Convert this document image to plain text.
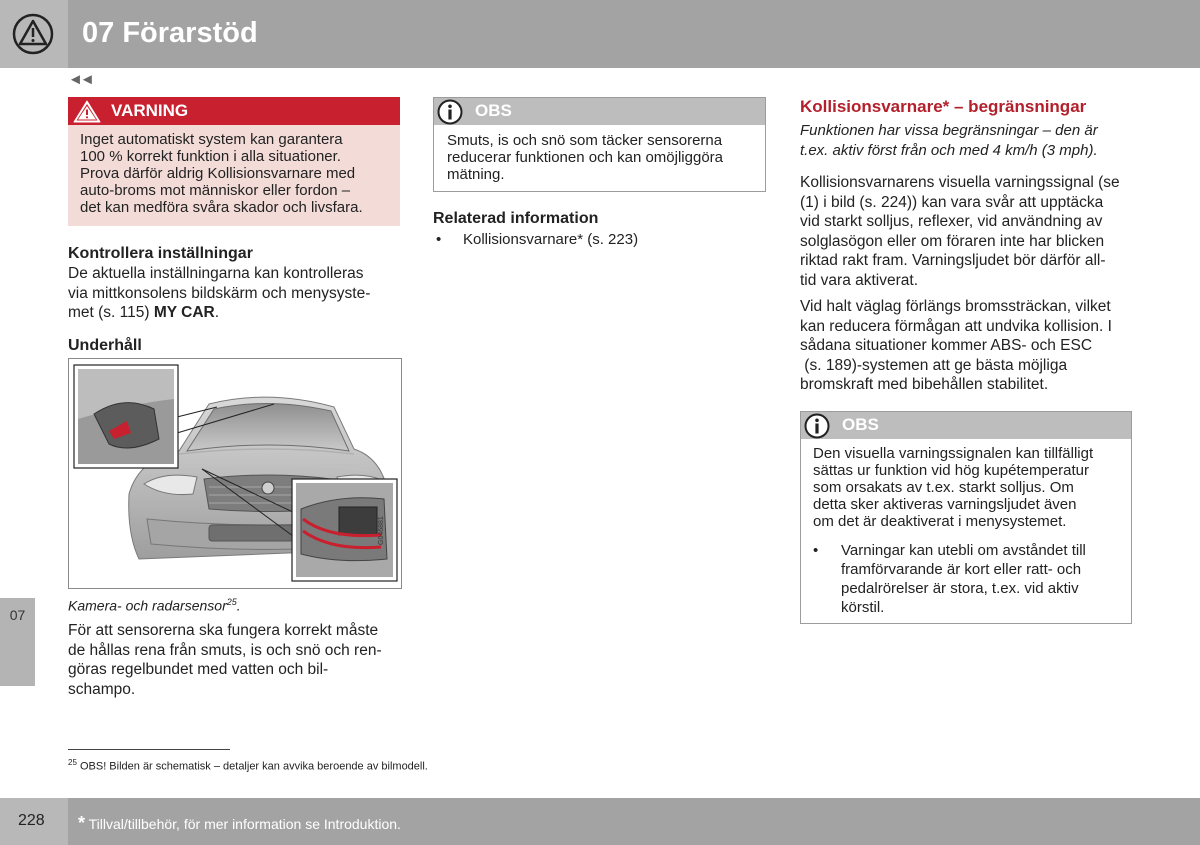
07 Förarstöd
◄◄
07
VARNING
Inget automatiskt system kan garantera
100 % korrekt funktion i alla situationer.
Prova därför aldrig Kollisionsvarnare med
auto-broms mot människor eller fordon –
det kan medföra svåra skador och livsfara.
Kontrollera inställningar
De aktuella inställningarna kan kontrolleras
via mittkonsolens bildskärm och menysyste-
met (s. 115) MY CAR.
Underhåll
G046881
Kamera- och radarsensor$^{25}$.
För att sensorerna ska fungera korrekt måste
de hållas rena från smuts, is och snö och ren-
göras regelbundet med vatten och bil-
schampo.
OBS
Smuts, is och snö som täcker sensorerna
reducerar funktionen och kan omöjliggöra
mätning.
Relaterad information
• Kollisionsvarnare* (s. 223)
Kollisionsvarnare* – begränsningar
Funktionen har vissa begränsningar – den är
t.ex. aktiv först från och med 4 km/h (3 mph).
Kollisionsvarnarens visuella varningssignal (se
(1) i bild (s. 224)) kan vara svår att upptäcka
vid starkt solljus, reflexer, vid användning av
solglasögon eller om föraren inte har blicken
riktad rakt fram. Varningsljudet bör därför all-
tid vara aktiverat.
Vid halt väglag förlängs bromssträckan, vilket
kan reducera förmågan att undvika kollision. I
sådana situationer kommer ABS- och ESC
(s. 189)-systemen att ge bästa möjliga
bromskraft med bibehållen stabilitet.
OBS
Den visuella varningssignalen kan tillfälligt
sättas ur funktion vid hög kupétemperatur
som orsakats av t.ex. starkt solljus. Om
detta sker aktiveras varningsljudet även
om det är deaktiverat i menysystemet.
• Varningar kan utebli om avståndet till
framförvarande är kort eller ratt- och
pedalrörelser är stora, t.ex. vid aktiv
körstil.
$^{25}$ OBS! Bilden är schematisk – detaljer kan avvika beroende av bilmodell.
228 * Tillval/tillbehör, för mer information se Introduktion.
